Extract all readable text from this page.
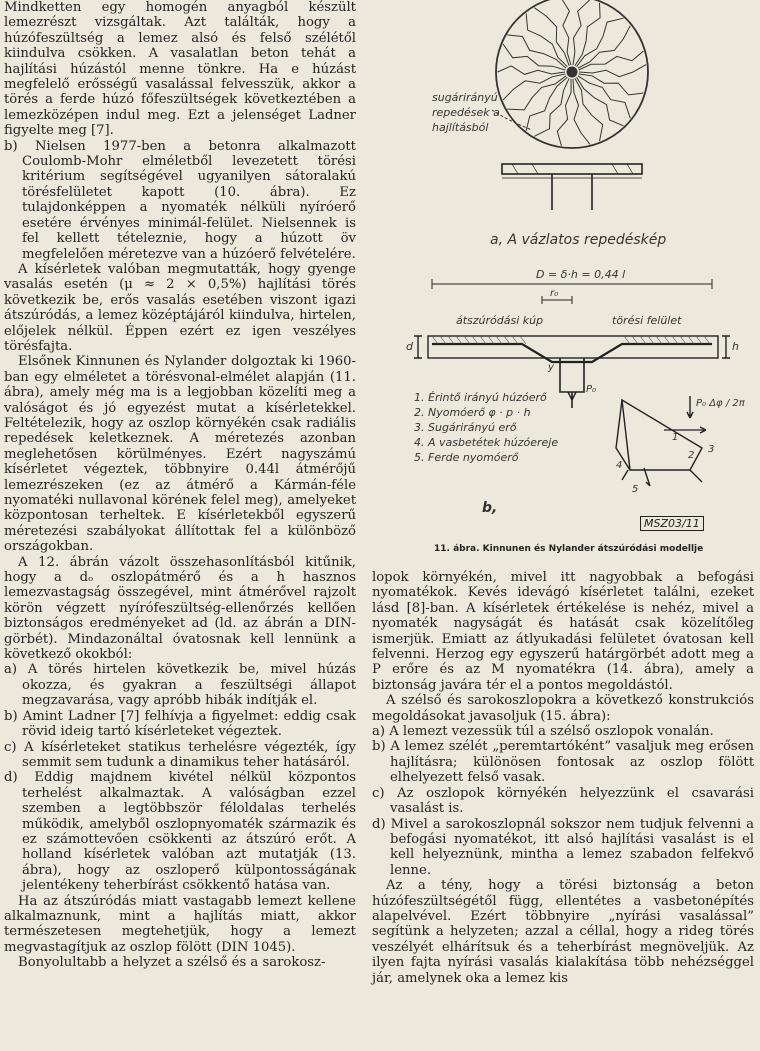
Mindketten egy homogén anyagból készült lemezrészt vizsgáltak. Azt találták, hogy a húzófeszültség a lemez alsó és felső szélétől kiindulva csökken. A vasalatlan beton tehát a hajlítási húzástól menne tönkre. Ha e húzást megfelelő erősségű vasalással felvesszük, akkor a törés a ferde húzó főfeszültségek következtében a lemezközépen indul meg. Ezt a jelenséget Ladner figyelte meg [7].

b) Nielsen 1977-ben a betonra alkalmazott Coulomb-Mohr elméletből levezetett törési kritérium segítségével ugyanilyen sátoralakú törésfelületet kapott (10. ábra). Ez tulajdonképpen a nyomaték nélküli nyíróerő esetére érvényes minimál-felület. Nielsennek is fel kellett tételeznie, hogy a húzott öv megfelelően méretezve van a húzóerő felvételére.

A kísérletek valóban megmutatták, hogy gyenge vasalás esetén (μ ≈ 2 × 0,5%) hajlítási törés következik be, erős vasalás esetében viszont igazi átszúródás, a lemez középtájáról kiindulva, hirtelen, előjelek nélkül. Éppen ezért ez igen veszélyes törésfajta.

Elsőnek Kinnunen és Nylander dolgoztak ki 1960-ban egy elméletet a törésvonal-elmélet alapján (11. ábra), amely még ma is a legjobban közelíti meg a valóságot és jó egyezést mutat a kísérletekkel. Feltételezik, hogy az oszlop környékén csak radiális repedések keletkeznek. A méretezés azonban meglehetősen körülményes. Ezért nagyszámú kísérletet végeztek, többnyire 0.44l átmérőjű lemezrészeken (ez az átmérő a Kármán-féle nyomatéki nullavonal körének felel meg), amelyeket központosan terheltek. E kísérletekből egyszerű méretezési szabályokat állítottak fel a különböző országokban.

A 12. ábrán vázolt összehasonlításból kitűnik, hogy a dₒ oszlopátmérő és a h hasznos lemezvastagság összegével, mint átmérővel rajzolt körön végzett nyírófeszültség-ellenőrzés kellően biztonságos eredményeket ad (ld. az ábrán a DIN-görbét). Mindazonáltal óvatosnak kell lennünk a következő okokból:

a) A törés hirtelen következik be, mivel húzás okozza, és gyakran a feszültségi állapot megzavarása, vagy apróbb hibák indítják el.

b) Amint Ladner [7] felhívja a figyelmet: eddig csak rövid ideig tartó kísérleteket végeztek.

c) A kísérleteket statikus terhelésre végezték, így semmit sem tudunk a dinamikus teher hatásáról.

d) Eddig majdnem kivétel nélkül központos terhelést alkalmaztak. A valóságban ezzel szemben a legtöbbször féloldalas terhelés működik, amelyből oszlopnyomaték származik és ez számottevően csökkenti az átszúró erőt. A holland kísérletek valóban azt mutatják (13. ábra), hogy az oszloperő külpontosságának jelentékeny teherbírást csökkentő hatása van.

Ha az átszúródás miatt vastagabb lemezt kellene alkalmaznunk, mint a hajlítás miatt, akkor természetesen megtehetjük, hogy a lemezt megvastagítjuk az oszlop fölött (DIN 1045).

Bonyolultabb a helyzet a szélső és a sarokosz-

sugárirányú
repedések a
hajlításból
a, A vázlatos repedéskép
D = δ·h = 0,44 l
r₀
átszúródási kúp	törési felület
d	h
y
P₀
1. Érintő irányú húzóerő
2. Nyomóerő φ · p · h
3. Sugárirányú erő
4. A vasbetétek húzóereje
5. Ferde nyomóerő
P₀ Δφ / 2π
1
2
3
4
5
b,
MSZ03/11
11. ábra. Kinnunen és Nylander átszúródási modellje

lopok környékén, mivel itt nagyobbak a befogási nyomatékok. Kevés idevágó kísérletet találni, ezeket lásd [8]-ban. A kísérletek értékelése is nehéz, mivel a nyomaték nagyságát és hatását csak közelítőleg ismerjük. Emiatt az átlyukadási felületet óvatosan kell felvenni. Herzog egy egyszerű határgörbét adott meg a P erőre és az M nyomatékra (14. ábra), amely a biztonság javára tér el a pontos megoldástól.

A szélső és sarokoszlopokra a következő konstrukciós megoldásokat javasoljuk (15. ábra):

a) A lemezt vezessük túl a szélső oszlopok vonalán.

b) A lemez szélét „peremtartóként” vasaljuk meg erősen hajlításra; különösen fontosak az oszlop fölött elhelyezett felső vasak.

c) Az oszlopok környékén helyezzünk el csavarási vasalást is.

d) Mivel a sarokoszlopnál sokszor nem tudjuk felvenni a befogási nyomatékot, itt alsó hajlítási vasalást is el kell helyeznünk, mintha a lemez szabadon felfekvő lenne.

Az a tény, hogy a törési biztonság a beton húzófeszültségétől függ, ellentétes a vasbetonépítés alapelvével. Ezért többnyire „nyírási vasalással” segítünk a helyzeten; azzal a céllal, hogy a rideg törés veszélyét elhárítsuk és a teherbírást megnöveljük. Az ilyen fajta nyírási vasalás kialakítása több nehézséggel jár, amelynek oka a lemez kis
